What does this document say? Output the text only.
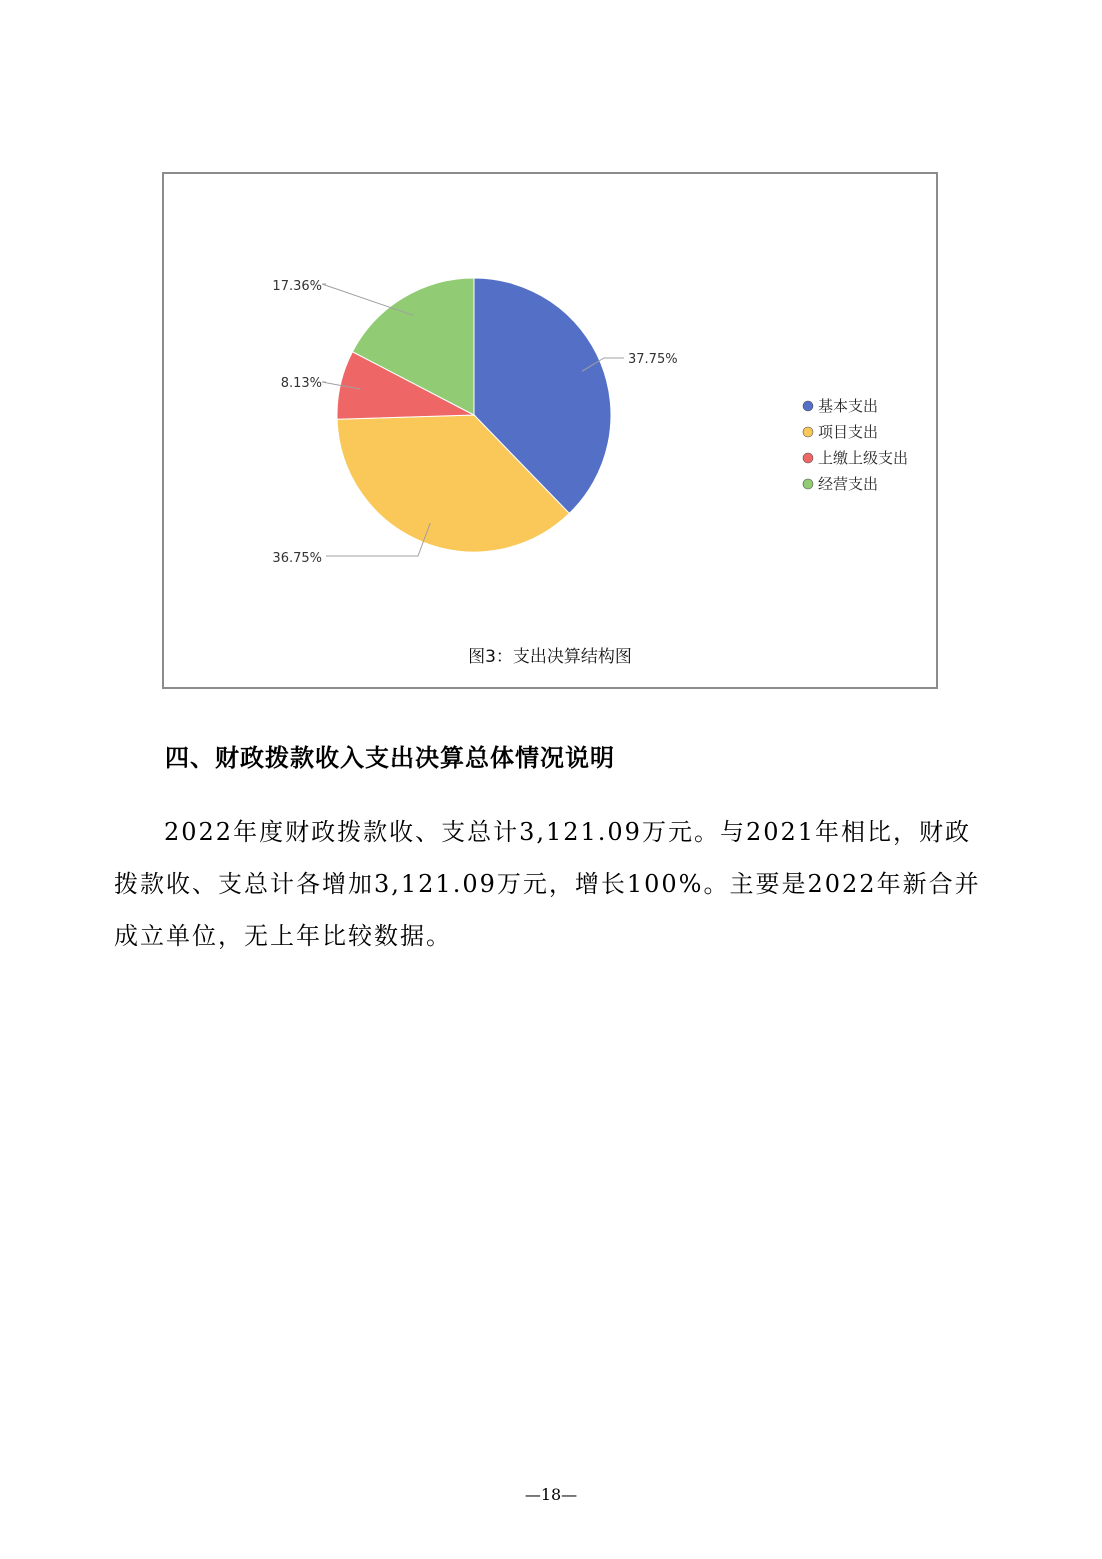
37.75%
36.75%
8.13%
17.36%
基本支出
项目支出
上缴上级支出
经营支出
图3：支出决算结构图
四、财政拨款收入支出决算总体情况说明
2022年度财政拨款收、支总计3,121.09万元。与2021年相比，财政拨款收、支总计各增加3,121.09万元，增长100%。主要是2022年新合并成立单位，无上年比较数据。
—18—
